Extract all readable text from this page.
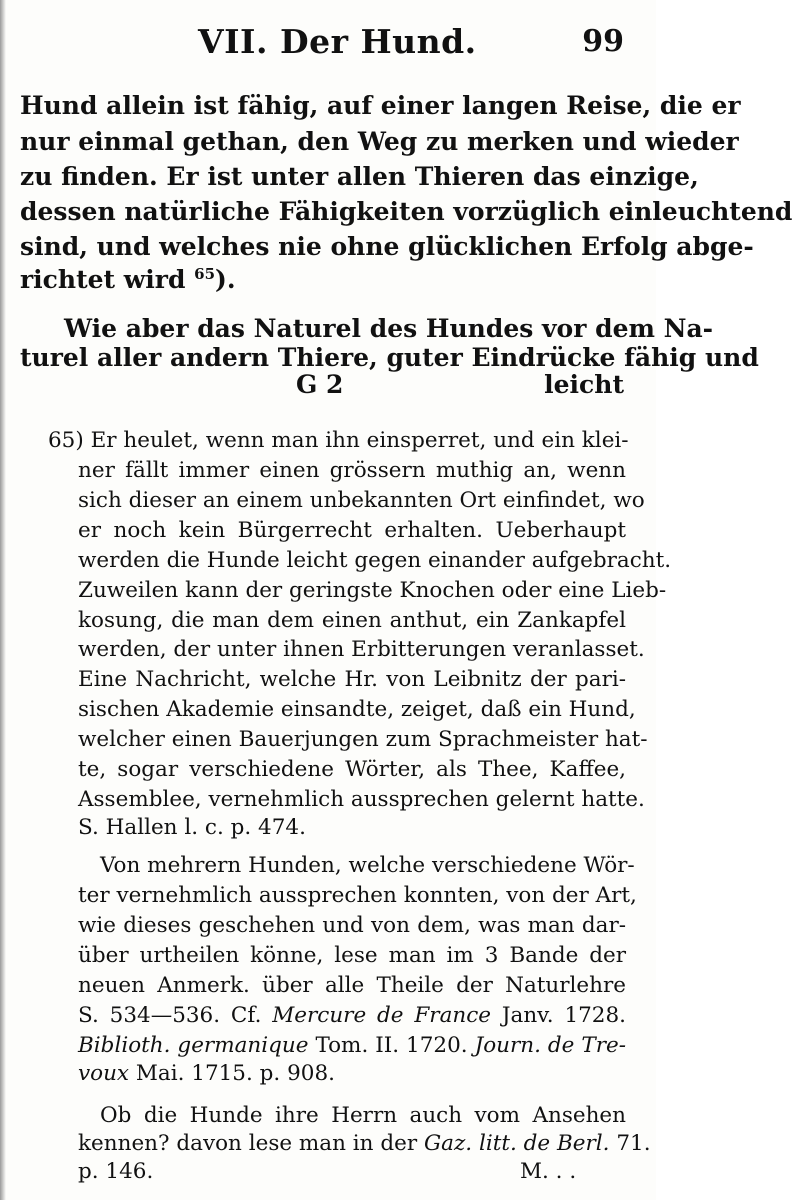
VII. Der Hund.	99
Hund allein ist fähig, auf einer langen Reise, die er
nur einmal gethan, den Weg zu merken und wieder
zu finden. Er ist unter allen Thieren das einzige,
dessen natürliche Fähigkeiten vorzüglich einleuchtend
sind, und welches nie ohne glücklichen Erfolg abge-
richtet wird $^{65}$).
Wie aber das Naturel des Hundes vor dem Na-
turel aller andern Thiere, guter Eindrücke fähig und
G 2	leicht
65) Er heulet, wenn man ihn einsperret, und ein klei-
ner fällt immer einen grössern muthig an, wenn
sich dieser an einem unbekannten Ort einfindet, wo
er noch kein Bürgerrecht erhalten. Ueberhaupt
werden die Hunde leicht gegen einander aufgebracht.
Zuweilen kann der geringste Knochen oder eine Lieb-
kosung, die man dem einen anthut, ein Zankapfel
werden, der unter ihnen Erbitterungen veranlasset.
Eine Nachricht, welche Hr. von Leibnitz der pari-
sischen Akademie einsandte, zeiget, daß ein Hund,
welcher einen Bauerjungen zum Sprachmeister hat-
te, sogar verschiedene Wörter, als Thee, Kaffee,
Assemblee, vernehmlich aussprechen gelernt hatte.
S. Hallen l. c. p. 474.
Von mehrern Hunden, welche verschiedene Wör-
ter vernehmlich aussprechen konnten, von der Art,
wie dieses geschehen und von dem, was man dar-
über urtheilen könne, lese man im 3 Bande der
neuen Anmerk. über alle Theile der Naturlehre
S. 534—536. Cf. Mercure de France Janv. 1728.
Biblioth. germanique Tom. II. 1720. Journ. de Tre-
voux Mai. 1715. p. 908.
Ob die Hunde ihre Herrn auch vom Ansehen
kennen? davon lese man in der Gaz. litt. de Berl. 71.
p. 146.	M. . .
